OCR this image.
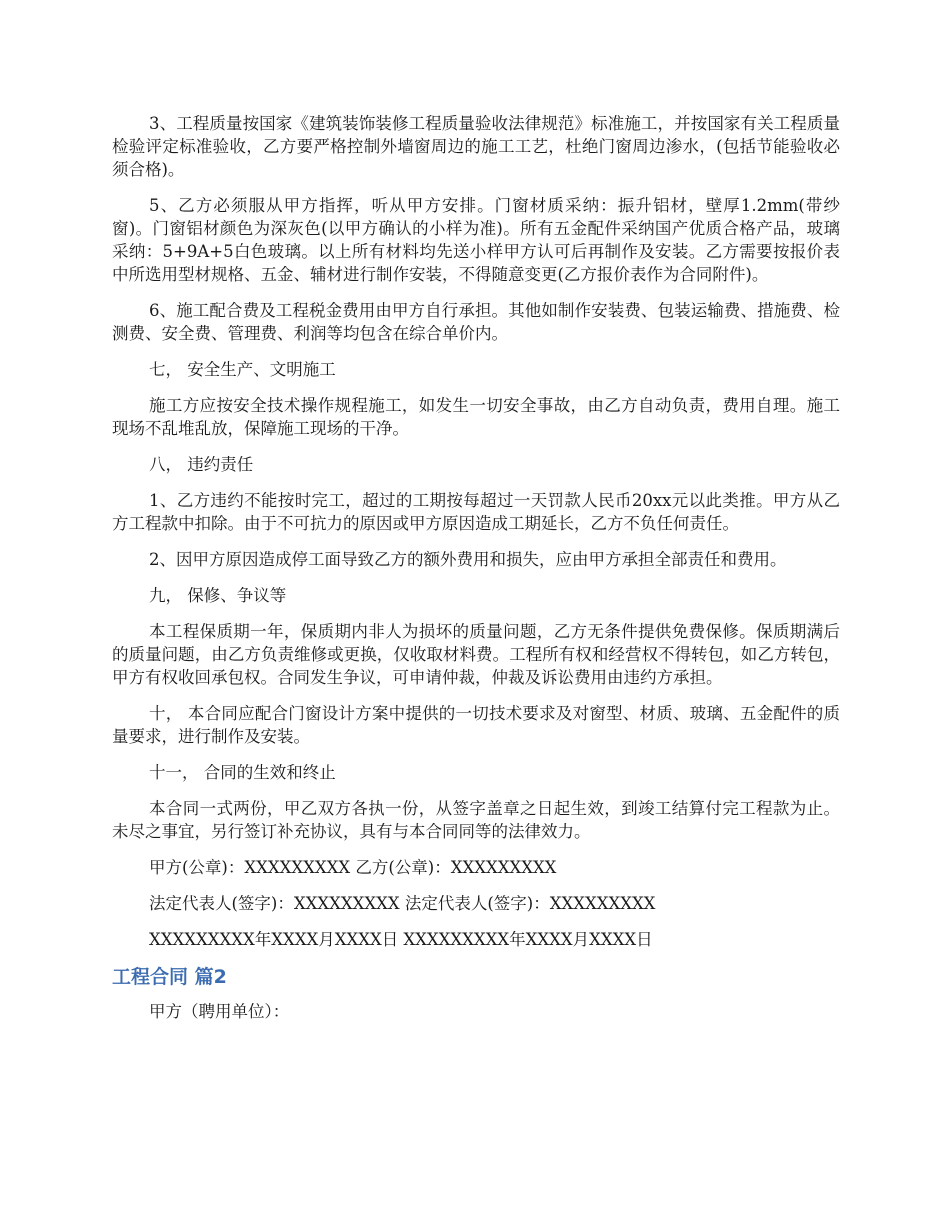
3、工程质量按国家《建筑装饰装修工程质量验收法律规范》标准施工，并按国家有关工程质量检验评定标准验收，乙方要严格控制外墙窗周边的施工工艺，杜绝门窗周边渗水，(包括节能验收必须合格)。

5、乙方必须服从甲方指挥，听从甲方安排。门窗材质采纳：振升铝材，壁厚1.2mm(带纱窗)。门窗铝材颜色为深灰色(以甲方确认的小样为准)。所有五金配件采纳国产优质合格产品，玻璃采纳：5+9A+5白色玻璃。以上所有材料均先送小样甲方认可后再制作及安装。乙方需要按报价表中所选用型材规格、五金、辅材进行制作安装，不得随意变更(乙方报价表作为合同附件)。

6、施工配合费及工程税金费用由甲方自行承担。其他如制作安装费、包装运输费、措施费、检测费、安全费、管理费、利润等均包含在综合单价内。

七， 安全生产、文明施工

施工方应按安全技术操作规程施工，如发生一切安全事故，由乙方自动负责，费用自理。施工现场不乱堆乱放，保障施工现场的干净。

八， 违约责任

1、乙方违约不能按时完工，超过的工期按每超过一天罚款人民币20xx元以此类推。甲方从乙方工程款中扣除。由于不可抗力的原因或甲方原因造成工期延长，乙方不负任何责任。

2、因甲方原因造成停工面导致乙方的额外费用和损失，应由甲方承担全部责任和费用。

九， 保修、争议等

本工程保质期一年，保质期内非人为损坏的质量问题，乙方无条件提供免费保修。保质期满后的质量问题，由乙方负责维修或更换，仅收取材料费。工程所有权和经营权不得转包，如乙方转包，甲方有权收回承包权。合同发生争议，可申请仲裁，仲裁及诉讼费用由违约方承担。

十， 本合同应配合门窗设计方案中提供的一切技术要求及对窗型、材质、玻璃、五金配件的质量要求，进行制作及安装。

十一， 合同的生效和终止

本合同一式两份，甲乙双方各执一份，从签字盖章之日起生效，到竣工结算付完工程款为止。未尽之事宜，另行签订补充协议，具有与本合同同等的法律效力。

甲方(公章)：XXXXXXXXX 乙方(公章)：XXXXXXXXX

法定代表人(签字)：XXXXXXXXX 法定代表人(签字)：XXXXXXXXX

XXXXXXXXX年XXXX月XXXX日 XXXXXXXXX年XXXX月XXXX日

工程合同 篇2

甲方（聘用单位）：
